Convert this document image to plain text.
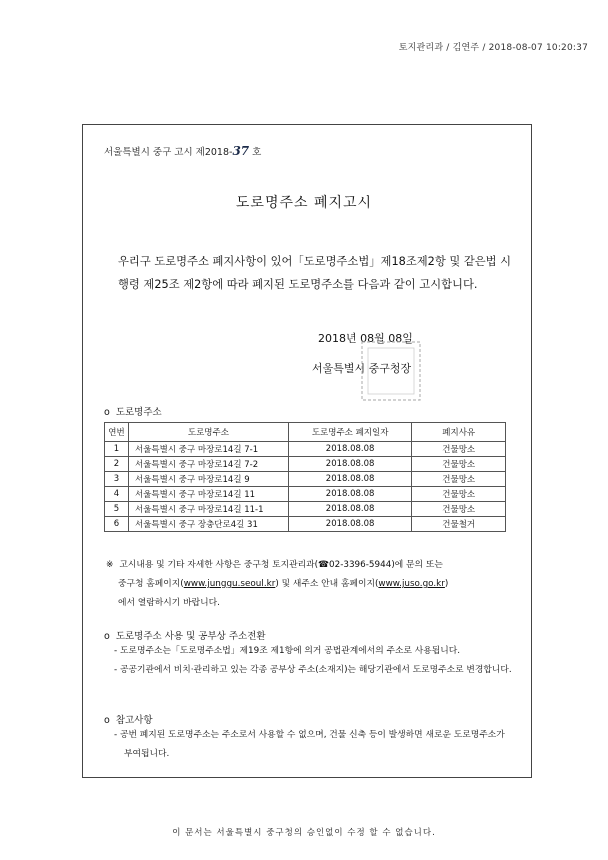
토지관리과 / 김연주 / 2018-08-07 10:20:37
서울특별시 중구 고시 제2018-37 호
도로명주소 폐지고시
우리구 도로명주소 폐지사항이 있어「도로명주소법」제18조제2항 및 같은법 시행령 제25조 제2항에 따라 폐지된 도로명주소를 다음과 같이 고시합니다.
2018년 08월 08일
서울특별시 중구청장
o 도로명주소
연번	도로명주소	도로명주소 폐지일자	폐지사유
1	서울특별시 중구 마장로14길 7-1	2018.08.08	건물망소
2	서울특별시 중구 마장로14길 7-2	2018.08.08	건물망소
3	서울특별시 중구 마장로14길 9	2018.08.08	건물망소
4	서울특별시 중구 마장로14길 11	2018.08.08	건물망소
5	서울특별시 중구 마장로14길 11-1	2018.08.08	건물망소
6	서울특별시 중구 장충단로4길 31	2018.08.08	건물철거
※ 고시내용 및 기타 자세한 사항은 중구청 토지관리과(☎02-3396-5944)에 문의 또는
중구청 홈페이지(www.junggu.seoul.kr) 및 새주소 안내 홈페이지(www.juso.go.kr)
에서 열람하시기 바랍니다.
o 도로명주소 사용 및 공부상 주소전환
- 도로명주소는「도로명주소법」제19조 제1항에 의거 공법관계에서의 주소로 사용됩니다.
- 공공기관에서 비치·관리하고 있는 각종 공부상 주소(소재지)는 해당기관에서 도로명주소로 변경합니다.
o 참고사항
- 공번 폐지된 도로명주소는 주소로서 사용할 수 없으며, 건물 신축 등이 발생하면 새로운 도로명주소가 부여됩니다.
이 문서는 서울특별시 중구청의 승인없이 수정 할 수 없습니다.
